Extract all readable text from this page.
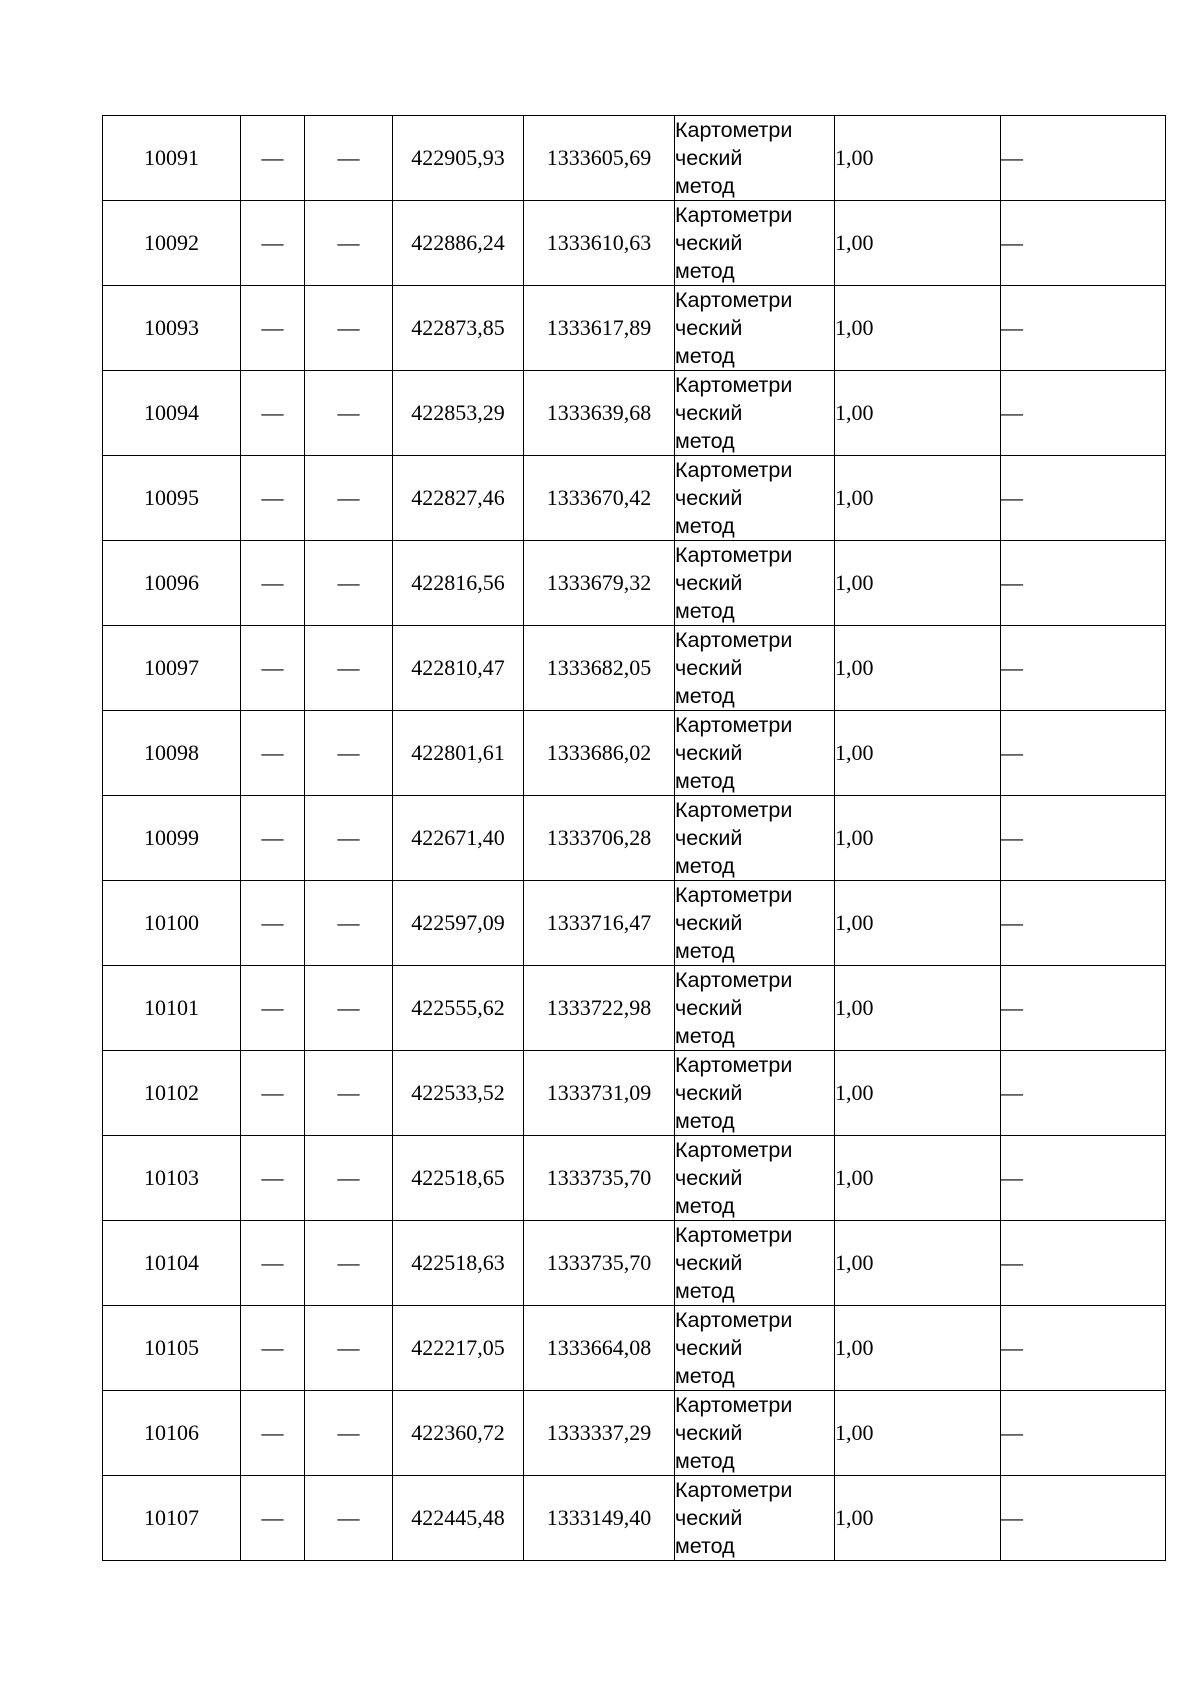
10091	—	—	422905,93	1333605,69	Картометри
ческий
метод	1,00	—
10092	—	—	422886,24	1333610,63	Картометри
ческий
метод	1,00	—
10093	—	—	422873,85	1333617,89	Картометри
ческий
метод	1,00	—
10094	—	—	422853,29	1333639,68	Картометри
ческий
метод	1,00	—
10095	—	—	422827,46	1333670,42	Картометри
ческий
метод	1,00	—
10096	—	—	422816,56	1333679,32	Картометри
ческий
метод	1,00	—
10097	—	—	422810,47	1333682,05	Картометри
ческий
метод	1,00	—
10098	—	—	422801,61	1333686,02	Картометри
ческий
метод	1,00	—
10099	—	—	422671,40	1333706,28	Картометри
ческий
метод	1,00	—
10100	—	—	422597,09	1333716,47	Картометри
ческий
метод	1,00	—
10101	—	—	422555,62	1333722,98	Картометри
ческий
метод	1,00	—
10102	—	—	422533,52	1333731,09	Картометри
ческий
метод	1,00	—
10103	—	—	422518,65	1333735,70	Картометри
ческий
метод	1,00	—
10104	—	—	422518,63	1333735,70	Картометри
ческий
метод	1,00	—
10105	—	—	422217,05	1333664,08	Картометри
ческий
метод	1,00	—
10106	—	—	422360,72	1333337,29	Картометри
ческий
метод	1,00	—
10107	—	—	422445,48	1333149,40	Картометри
ческий
метод	1,00	—
